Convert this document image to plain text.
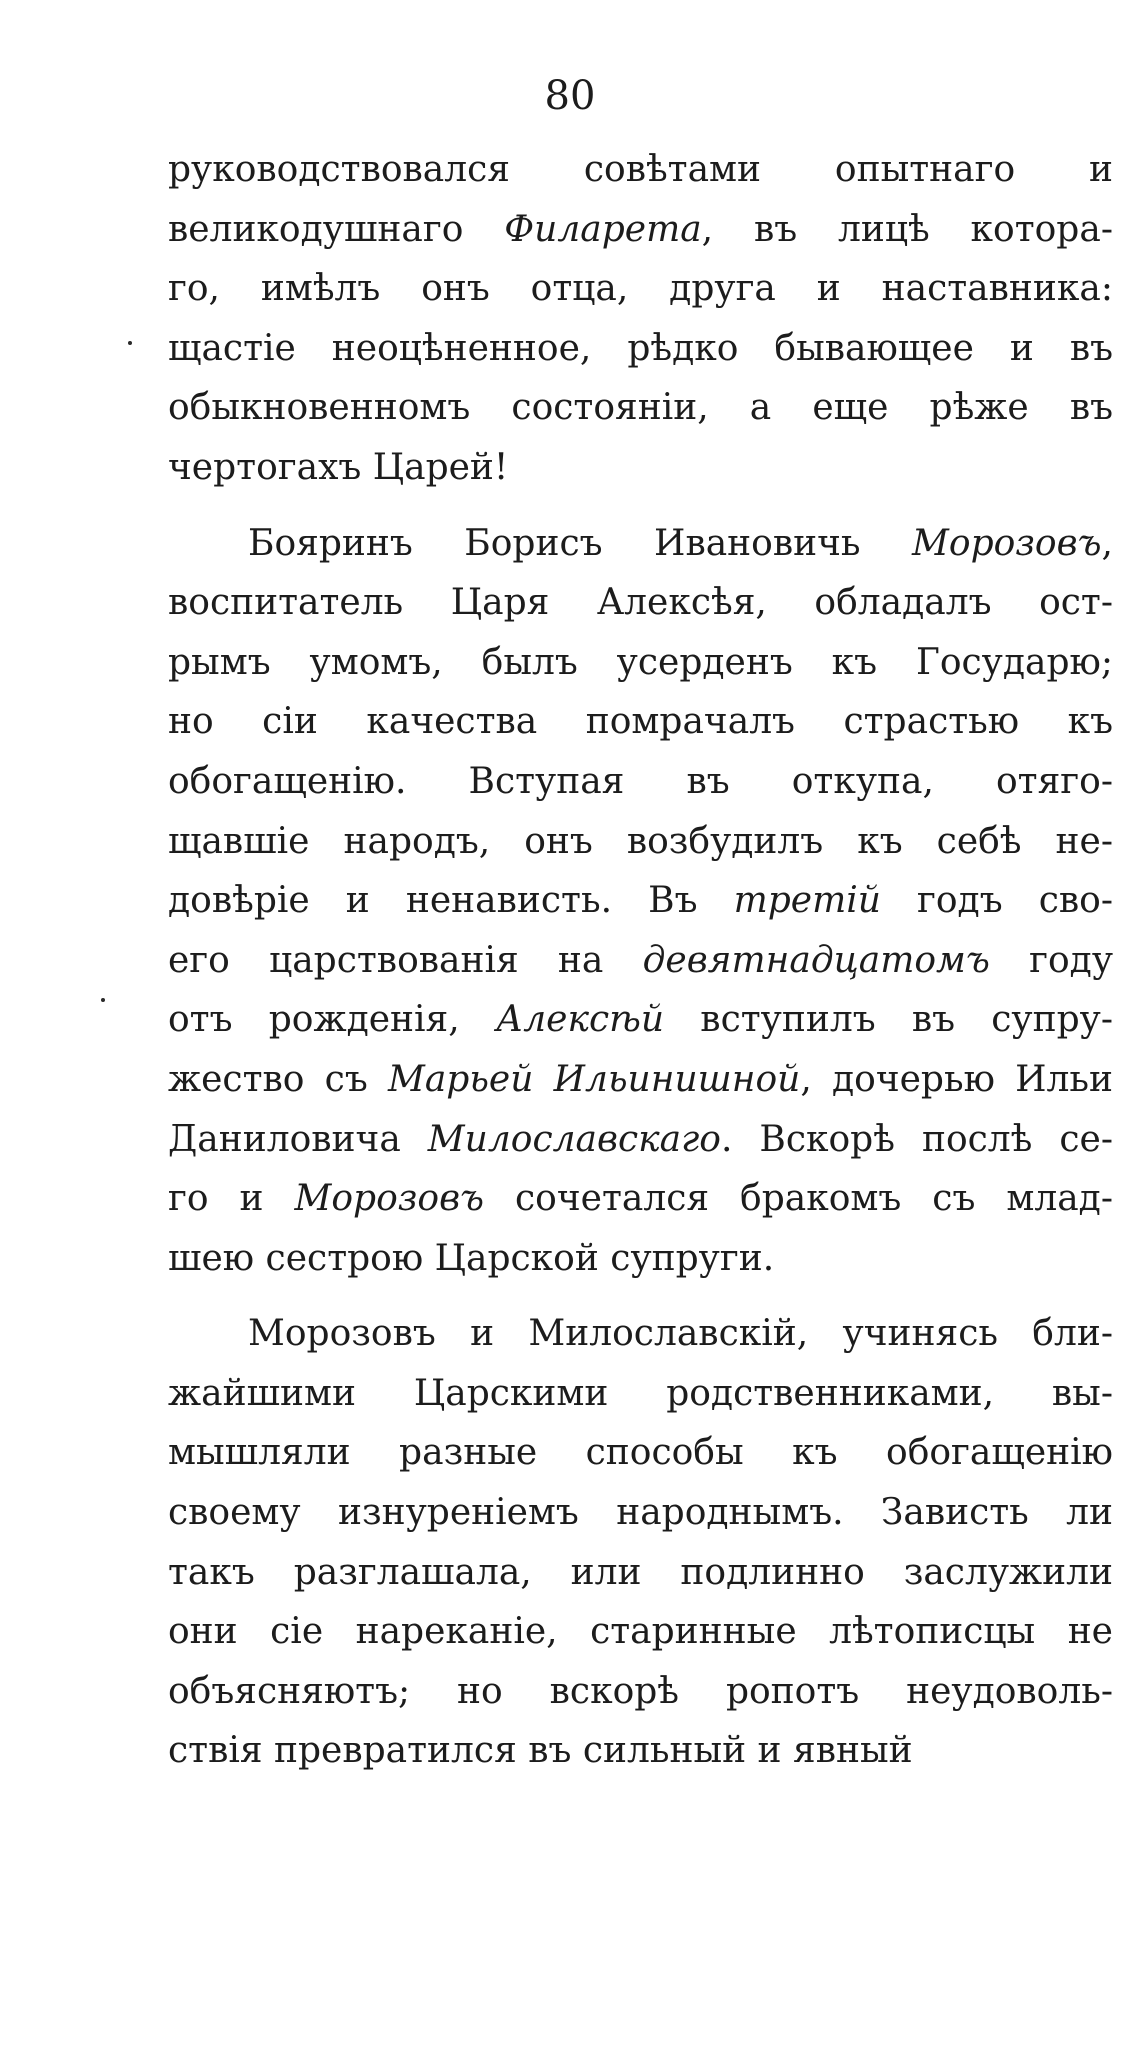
80
руководствовался совѣтами опытнаго и
великодушнаго Филарета, въ лицѣ котора-
го, имѣлъ онъ отца, друга и наставника:
щастіе неоцѣненное, рѣдко бывающее и въ
обыкновенномъ состояніи, а еще рѣже въ
чертогахъ Царей!
Бояринъ Борисъ Ивановичь Морозовъ,
воспитатель Царя Алексѣя, обладалъ ост-
рымъ умомъ, былъ усерденъ къ Государю;
но сіи качества помрачалъ страстью къ
обогащенію. Вступая въ откупа, отяго-
щавшіе народъ, онъ возбудилъ къ себѣ не-
довѣріе и ненависть. Въ третій годъ сво-
его царствованія на девятнадцатомъ году
отъ рожденія, Алексѣй вступилъ въ супру-
жество съ Марьей Ильинишной, дочерью Ильи
Даниловича Милославскаго. Вскорѣ послѣ се-
го и Морозовъ сочетался бракомъ съ млад-
шею сестрою Царской супруги.
Морозовъ и Милославскій, учинясь бли-
жайшими Царскими родственниками, вы-
мышляли разные способы къ обогащенію
своему изнуреніемъ народнымъ. Зависть ли
такъ разглашала, или подлинно заслужили
они сіе нареканіе, старинные лѣтописцы не
объясняютъ; но вскорѣ ропотъ неудоволь-
ствія превратился въ сильный и явный
